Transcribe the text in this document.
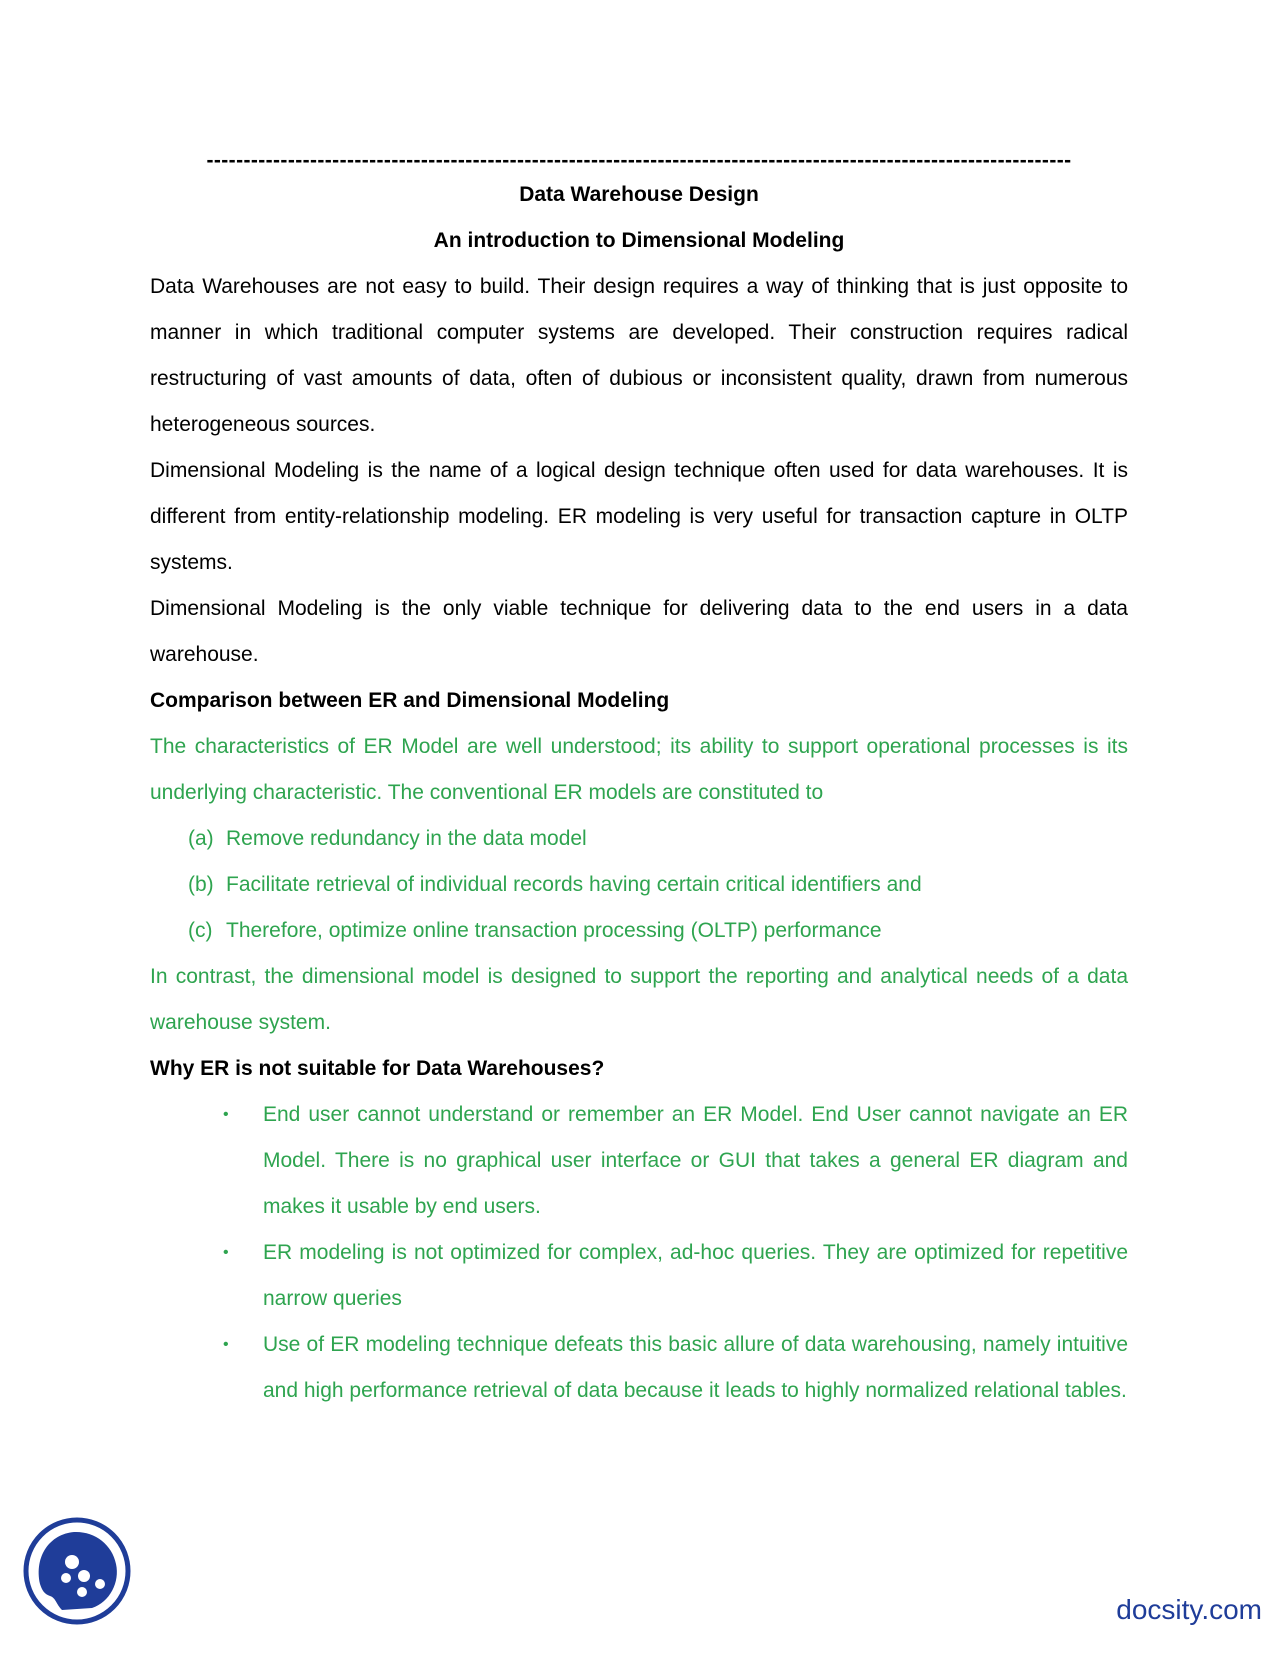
---------------------------------------------------------------------------------------------------------------------
Data Warehouse Design
An introduction to Dimensional Modeling

Data Warehouses are not easy to build. Their design requires a way of thinking that is just opposite to manner in which traditional computer systems are developed. Their construction requires radical restructuring of vast amounts of data, often of dubious or inconsistent quality, drawn from numerous heterogeneous sources.

Dimensional Modeling is the name of a logical design technique often used for data warehouses. It is different from entity-relationship modeling. ER modeling is very useful for transaction capture in OLTP systems.

Dimensional Modeling is the only viable technique for delivering data to the end users in a data warehouse.

Comparison between ER and Dimensional Modeling

The characteristics of ER Model are well understood; its ability to support operational processes is its underlying characteristic. The conventional ER models are constituted to

(a) Remove redundancy in the data model
(b) Facilitate retrieval of individual records having certain critical identifiers and
(c) Therefore, optimize online transaction processing (OLTP) performance

In contrast, the dimensional model is designed to support the reporting and analytical needs of a data warehouse system.

Why ER is not suitable for Data Warehouses?

• End user cannot understand or remember an ER Model. End User cannot navigate an ER Model. There is no graphical user interface or GUI that takes a general ER diagram and makes it usable by end users.
• ER modeling is not optimized for complex, ad-hoc queries. They are optimized for repetitive narrow queries
• Use of ER modeling technique defeats this basic allure of data warehousing, namely intuitive and high performance retrieval of data because it leads to highly normalized relational tables.
docsity.com
